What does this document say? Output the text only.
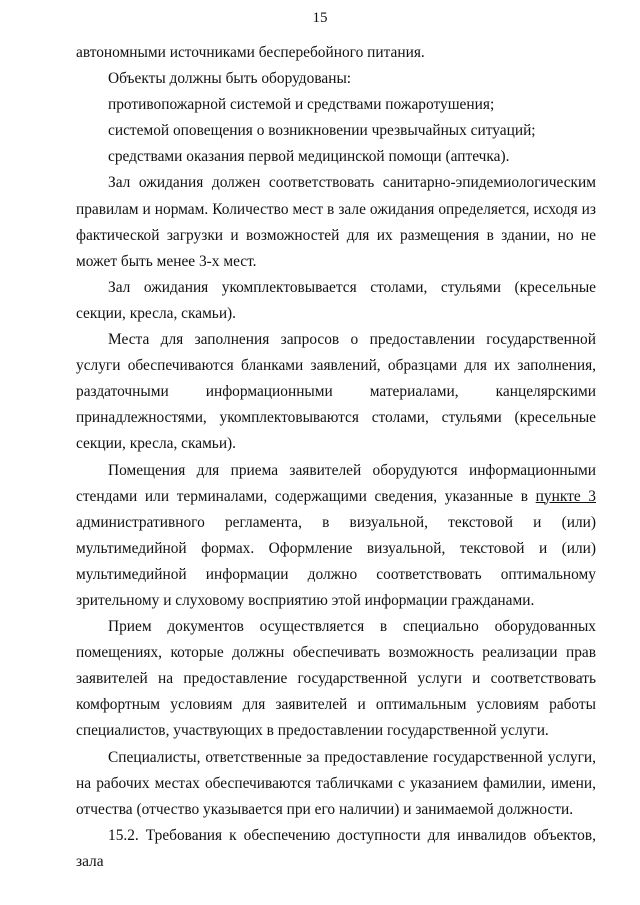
15

автономными источниками бесперебойного питания.

Объекты должны быть оборудованы:

противопожарной системой и средствами пожаротушения;

системой оповещения о возникновении чрезвычайных ситуаций;

средствами оказания первой медицинской помощи (аптечка).

Зал ожидания должен соответствовать санитарно-эпидемиологическим правилам и нормам. Количество мест в зале ожидания определяется, исходя из фактической загрузки и возможностей для их размещения в здании, но не может быть менее 3-х мест.

Зал ожидания укомплектовывается столами, стульями (кресельные секции, кресла, скамьи).

Места для заполнения запросов о предоставлении государственной услуги обеспечиваются бланками заявлений, образцами для их заполнения, раздаточными информационными материалами, канцелярскими принадлежностями, укомплектовываются столами, стульями (кресельные секции, кресла, скамьи).

Помещения для приема заявителей оборудуются информационными стендами или терминалами, содержащими сведения, указанные в пункте 3 административного регламента, в визуальной, текстовой и (или) мультимедийной формах. Оформление визуальной, текстовой и (или) мультимедийной информации должно соответствовать оптимальному зрительному и слуховому восприятию этой информации гражданами.

Прием документов осуществляется в специально оборудованных помещениях, которые должны обеспечивать возможность реализации прав заявителей на предоставление государственной услуги и соответствовать комфортным условиям для заявителей и оптимальным условиям работы специалистов, участвующих в предоставлении государственной услуги.

Специалисты, ответственные за предоставление государственной услуги, на рабочих местах обеспечиваются табличками с указанием фамилии, имени, отчества (отчество указывается при его наличии) и занимаемой должности.

15.2. Требования к обеспечению доступности для инвалидов объектов, зала
